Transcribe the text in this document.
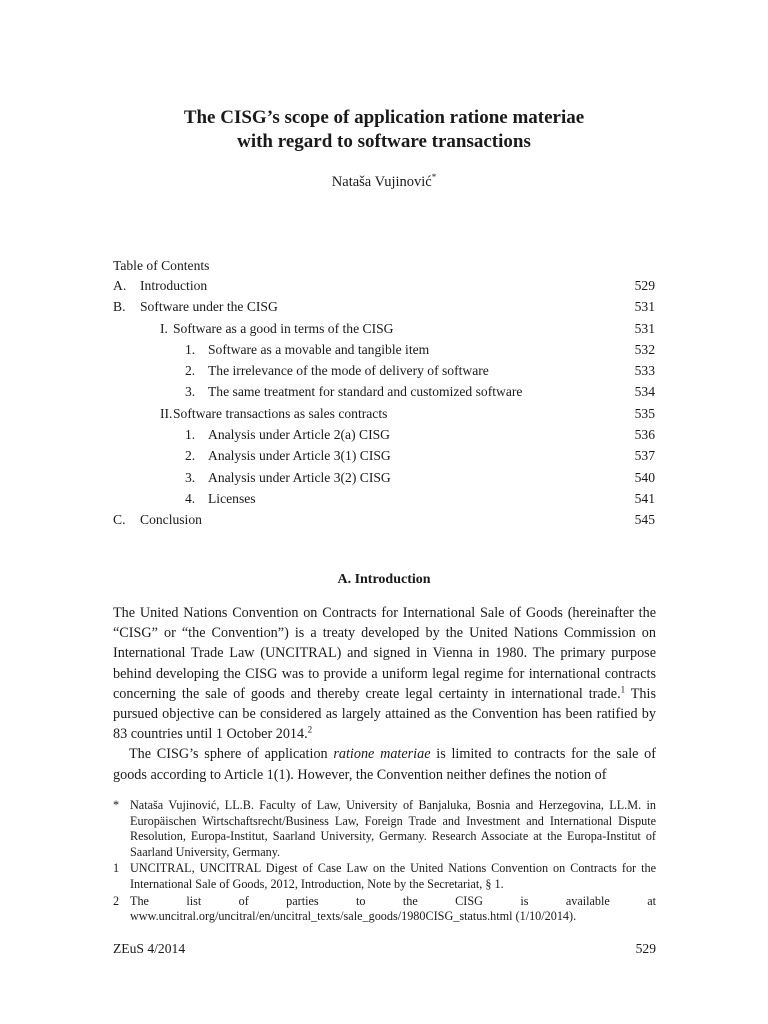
The CISG’s scope of application ratione materiae
with regard to software transactions
Nataša Vujinović*
Table of Contents
A. Introduction	529
B. Software under the CISG	531
I. Software as a good in terms of the CISG	531
1. Software as a movable and tangible item	532
2. The irrelevance of the mode of delivery of software	533
3. The same treatment for standard and customized software	534
II. Software transactions as sales contracts	535
1. Analysis under Article 2(a) CISG	536
2. Analysis under Article 3(1) CISG	537
3. Analysis under Article 3(2) CISG	540
4. Licenses	541
C. Conclusion	545
A. Introduction

The United Nations Convention on Contracts for International Sale of Goods (hereinafter the “CISG” or “the Convention”) is a treaty developed by the United Nations Commission on International Trade Law (UNCITRAL) and signed in Vienna in 1980. The primary purpose behind developing the CISG was to provide a uniform legal regime for international contracts concerning the sale of goods and thereby create legal certainty in international trade.$^1$ This pursued objective can be considered as largely attained as the Convention has been ratified by 83 countries until 1 October 2014.$^2$

The CISG’s sphere of application ratione materiae is limited to contracts for the sale of goods according to Article 1(1). However, the Convention neither defines the notion of

* Nataša Vujinović, LL.B. Faculty of Law, University of Banjaluka, Bosnia and Herzegovina, LL.M. in Europäischen Wirtschaftsrecht/Business Law, Foreign Trade and Investment and International Dispute Resolution, Europa-Institut, Saarland University, Germany. Research Associate at the Europa-Institut of Saarland University, Germany.
1 UNCITRAL, UNCITRAL Digest of Case Law on the United Nations Convention on Contracts for the International Sale of Goods, 2012, Introduction, Note by the Secretariat, § 1.
2 The list of parties to the CISG is available at www.uncitral.org/uncitral/en/uncitral_texts/sale_goods/1980CISG_status.html (1/10/2014).
ZEuS 4/2014	529
